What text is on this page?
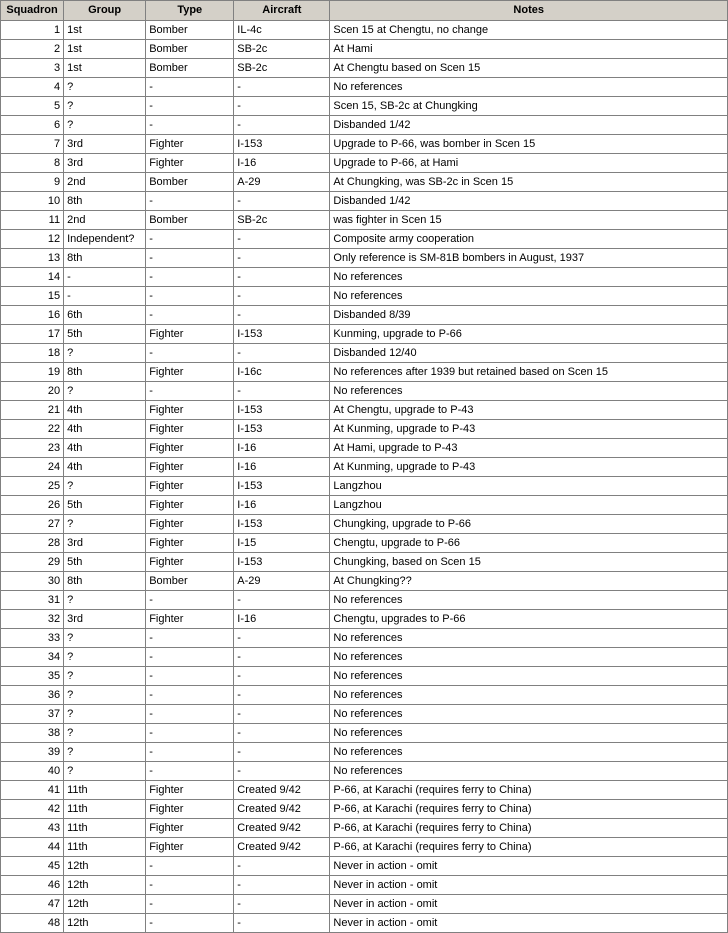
Squadron	Group	Type	Aircraft	Notes
1	1st	Bomber	IL-4c	Scen 15 at Chengtu, no change
2	1st	Bomber	SB-2c	At Hami
3	1st	Bomber	SB-2c	At Chengtu based on Scen 15
4	?	-	-	No references
5	?	-	-	Scen 15, SB-2c at Chungking
6	?	-	-	Disbanded 1/42
7	3rd	Fighter	I-153	Upgrade to P-66, was bomber in Scen 15
8	3rd	Fighter	I-16	Upgrade to P-66, at Hami
9	2nd	Bomber	A-29	At Chungking, was SB-2c in Scen 15
10	8th	-	-	Disbanded 1/42
11	2nd	Bomber	SB-2c	was fighter in Scen 15
12	Independent?	-	-	Composite army cooperation
13	8th	-	-	Only reference is SM-81B bombers in August, 1937
14	-	-	-	No references
15	-	-	-	No references
16	6th	-	-	Disbanded 8/39
17	5th	Fighter	I-153	Kunming, upgrade to P-66
18	?	-	-	Disbanded 12/40
19	8th	Fighter	I-16c	No references after 1939 but retained based on Scen 15
20	?	-	-	No references
21	4th	Fighter	I-153	At Chengtu, upgrade to P-43
22	4th	Fighter	I-153	At Kunming, upgrade to P-43
23	4th	Fighter	I-16	At Hami, upgrade to P-43
24	4th	Fighter	I-16	At Kunming, upgrade to P-43
25	?	Fighter	I-153	Langzhou
26	5th	Fighter	I-16	Langzhou
27	?	Fighter	I-153	Chungking, upgrade to P-66
28	3rd	Fighter	I-15	Chengtu, upgrade to P-66
29	5th	Fighter	I-153	Chungking, based on Scen 15
30	8th	Bomber	A-29	At Chungking??
31	?	-	-	No references
32	3rd	Fighter	I-16	Chengtu, upgrades to P-66
33	?	-	-	No references
34	?	-	-	No references
35	?	-	-	No references
36	?	-	-	No references
37	?	-	-	No references
38	?	-	-	No references
39	?	-	-	No references
40	?	-	-	No references
41	11th	Fighter	Created 9/42	P-66, at Karachi (requires ferry to China)
42	11th	Fighter	Created 9/42	P-66, at Karachi (requires ferry to China)
43	11th	Fighter	Created 9/42	P-66, at Karachi (requires ferry to China)
44	11th	Fighter	Created 9/42	P-66, at Karachi (requires ferry to China)
45	12th	-	-	Never in action - omit
46	12th	-	-	Never in action - omit
47	12th	-	-	Never in action - omit
48	12th	-	-	Never in action - omit
